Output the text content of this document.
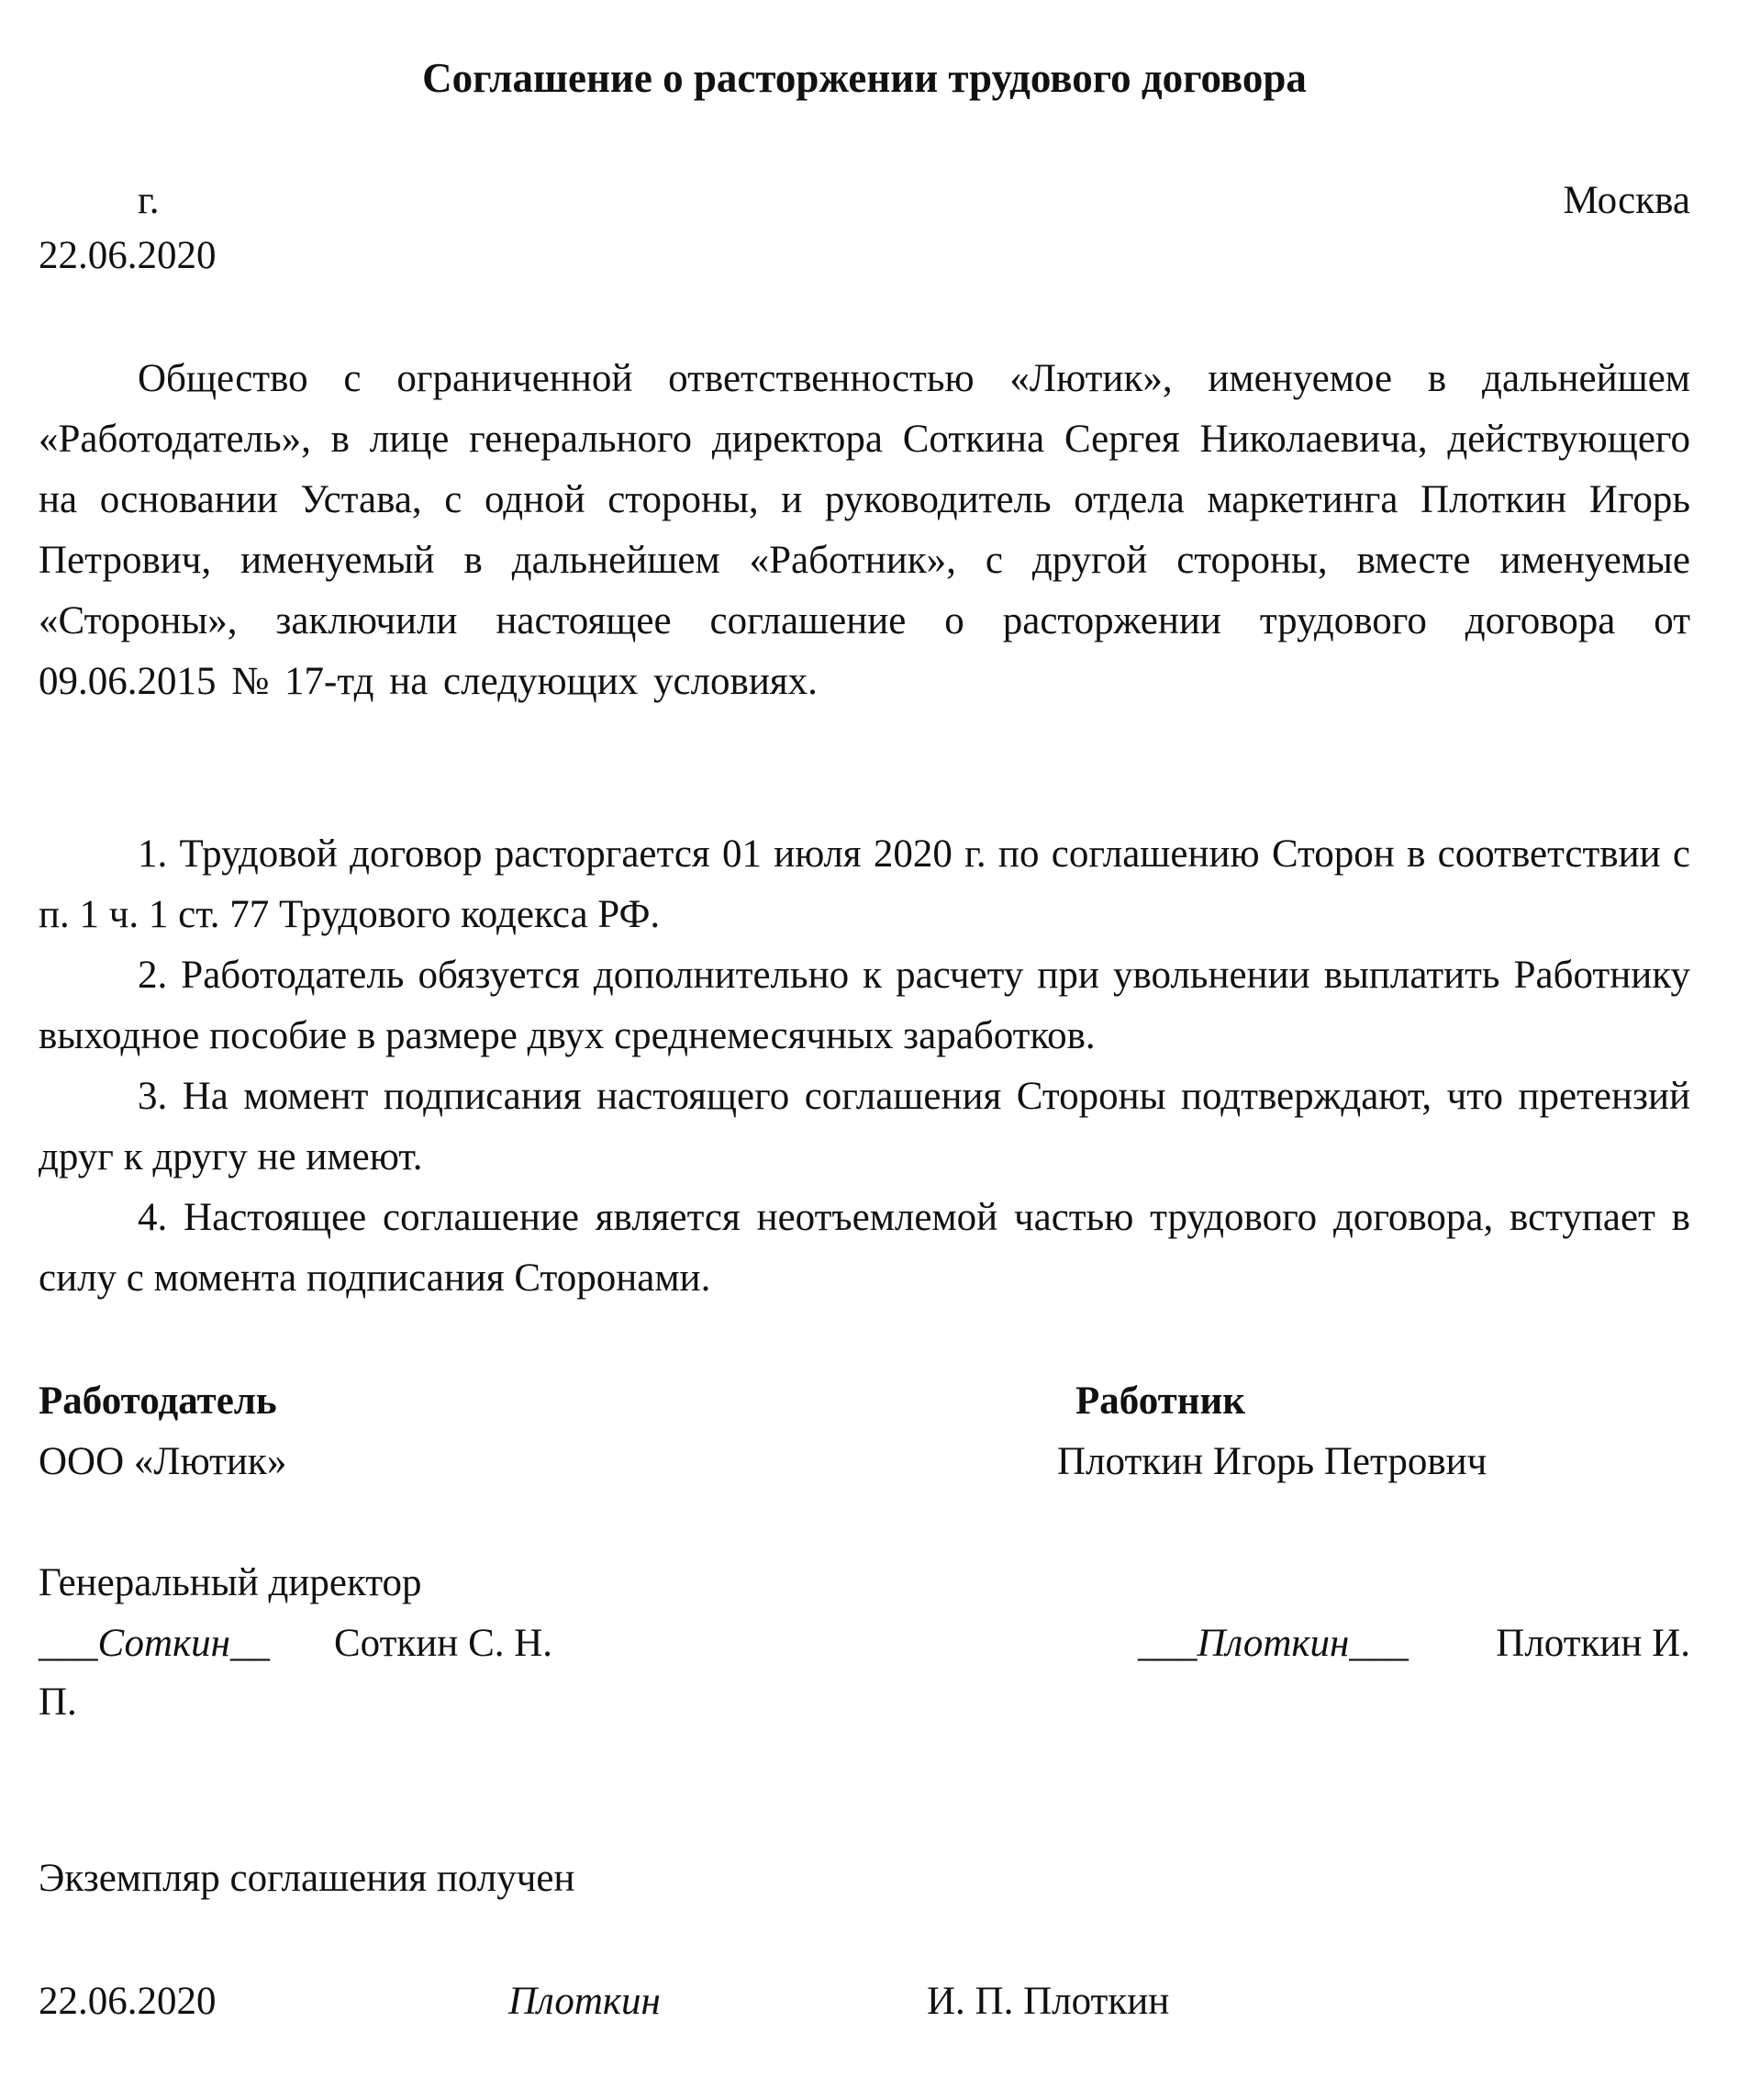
Соглашение о расторжении трудового договора
г.	Москва
22.06.2020
Общество с ограниченной ответственностью «Лютик», именуемое в дальнейшем «Работодатель», в лице генерального директора Соткина Сергея Николаевича, действующего на основании Устава, с одной стороны, и руководитель отдела маркетинга Плоткин Игорь Петрович, именуемый в дальнейшем «Работник», с другой стороны, вместе именуемые «Стороны», заключили настоящее соглашение о расторжении трудового договора от 09.06.2015 № 17-тд на следующих условиях.
1. Трудовой договор расторгается 01 июля 2020 г. по соглашению Сторон в соответствии с п. 1 ч. 1 ст. 77 Трудового кодекса РФ.
2. Работодатель обязуется дополнительно к расчету при увольнении выплатить Работнику выходное пособие в размере двух среднемесячных заработков.
3. На момент подписания настоящего соглашения Стороны подтверждают, что претензий друг к другу не имеют.
4. Настоящее соглашение является неотъемлемой частью трудового договора, вступает в силу с момента подписания Сторонами.
Работодатель
ООО «Лютик»
Работник
Плоткин Игорь Петрович
Генеральный директор
___Соткин__ Соткин С. Н.	___Плоткин___ Плоткин И.
П.
Экземпляр соглашения получен
22.06.2020	Плоткин	И. П. Плоткин
